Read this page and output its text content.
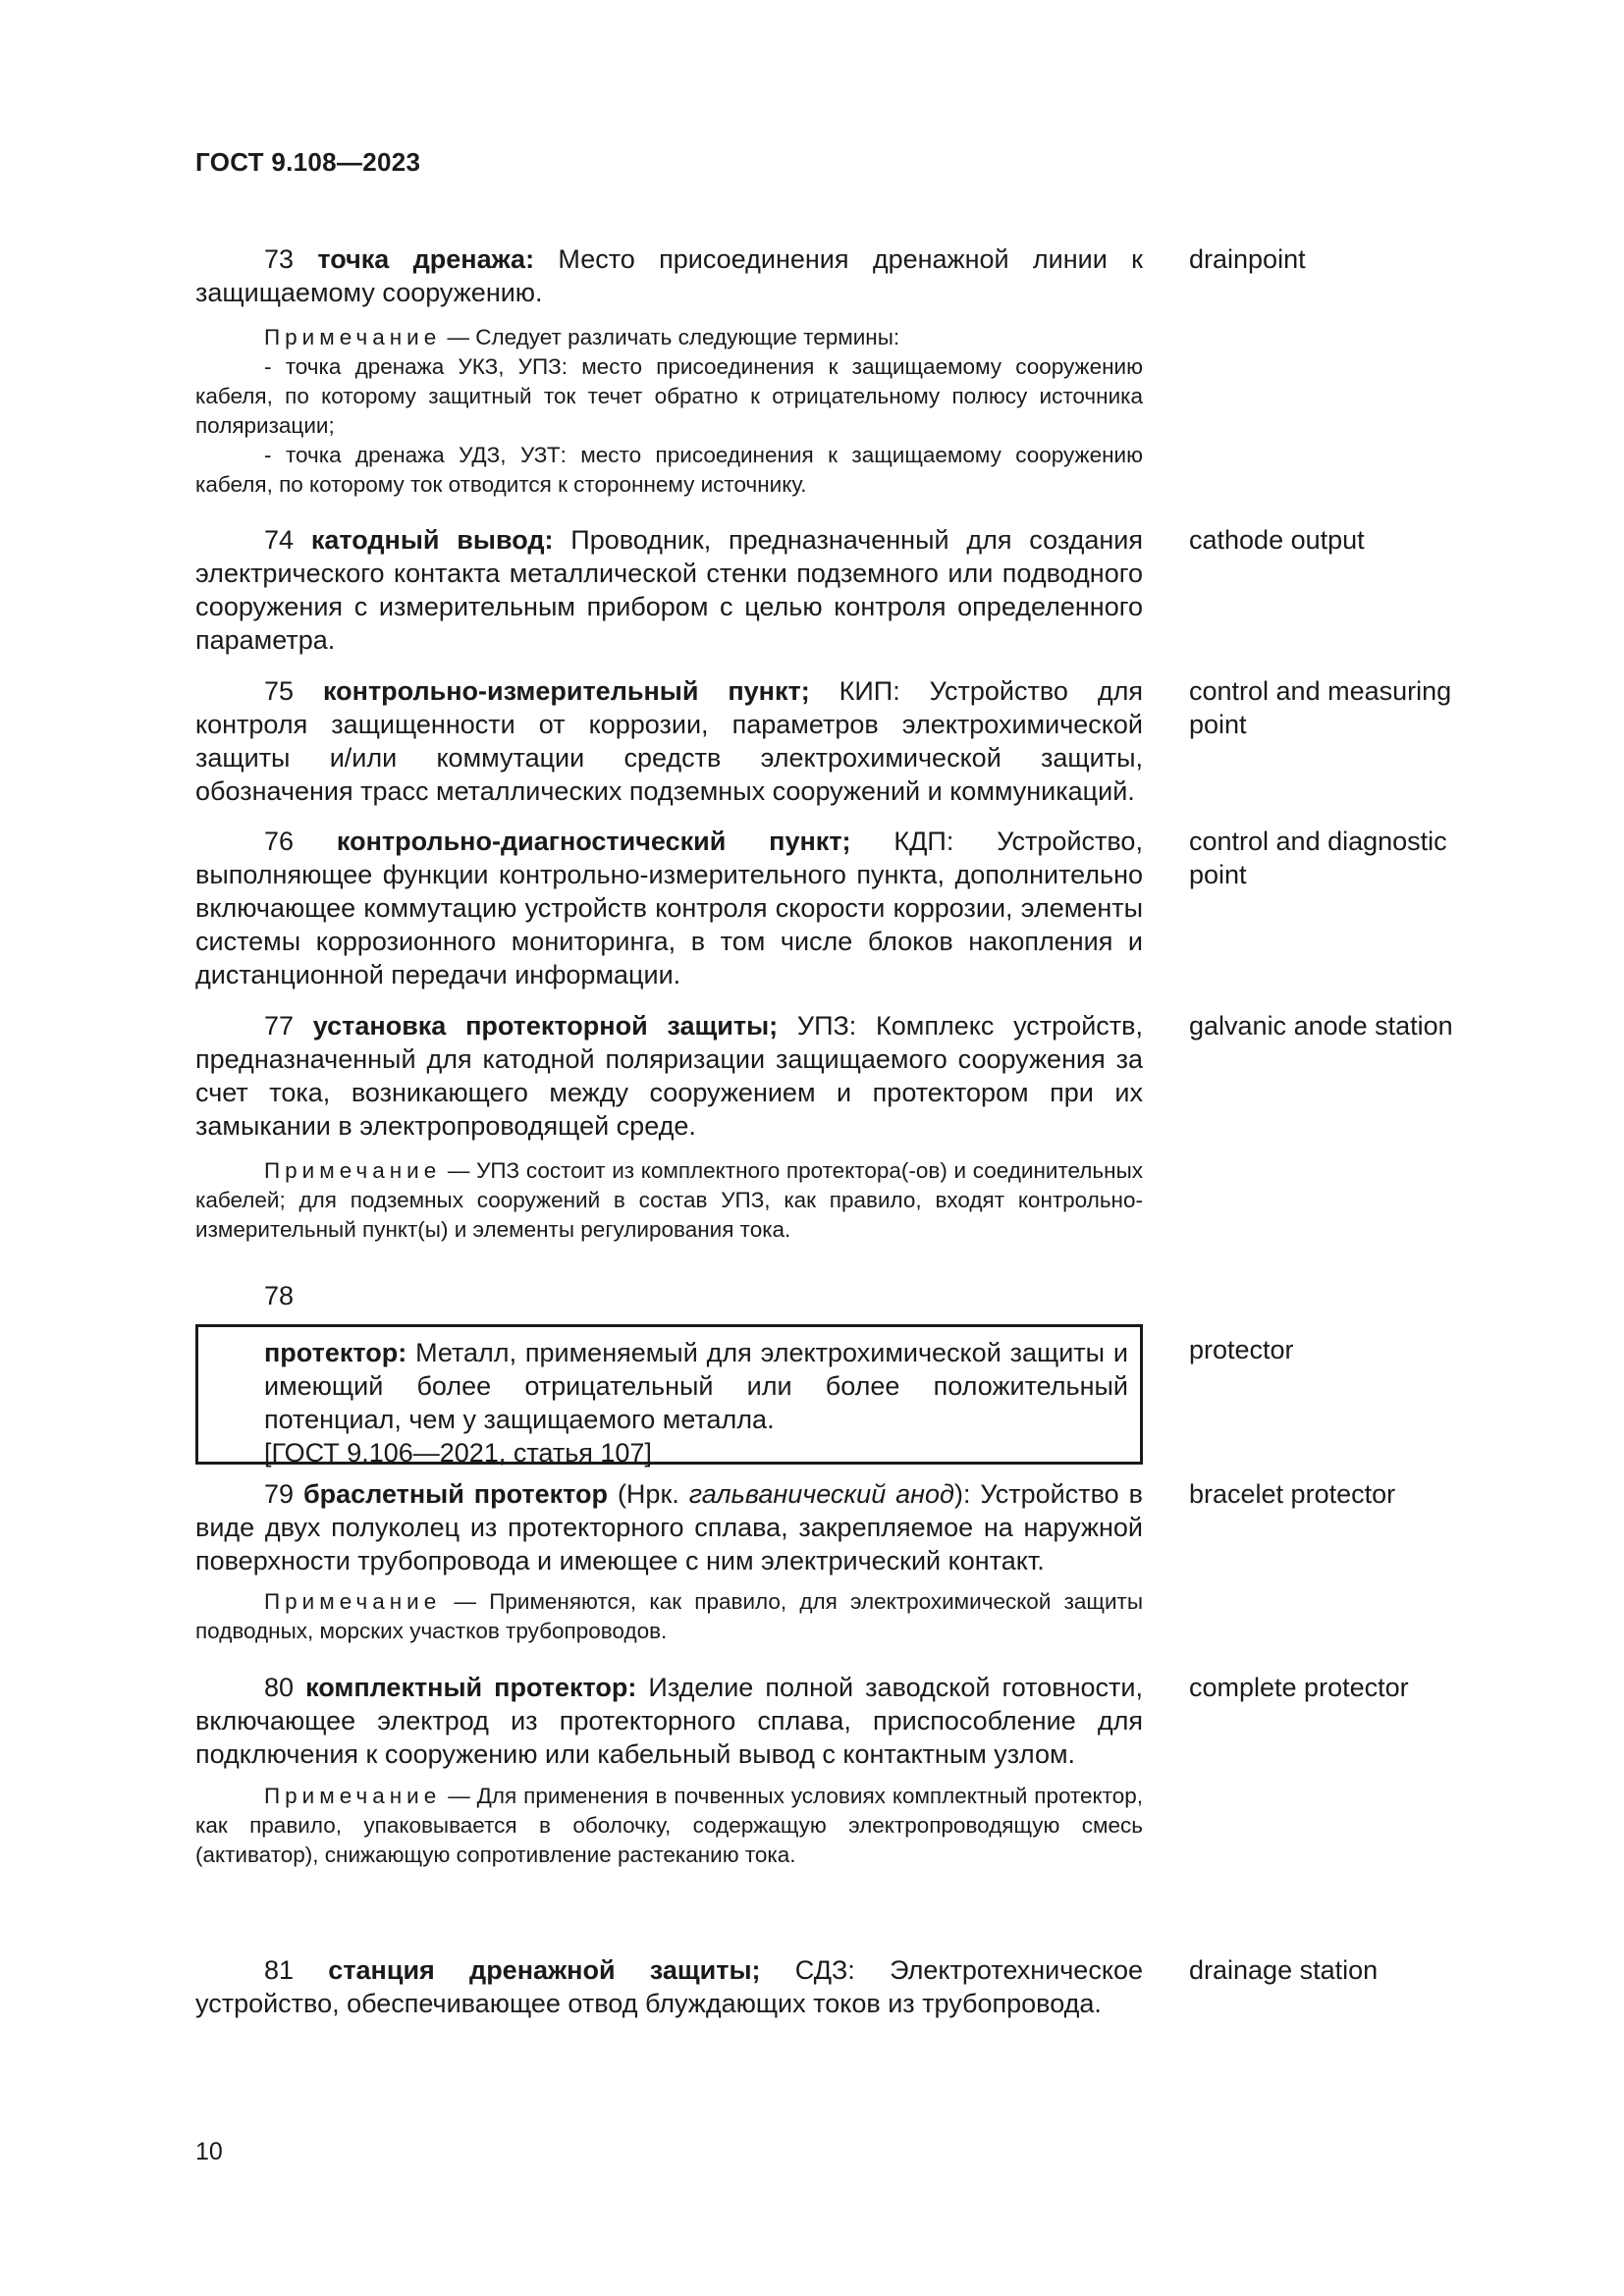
ГОСТ 9.108—2023
73 точка дренажа: Место присоединения дренажной линии к защищаемому сооружению.
drainpoint
Примечание — Следует различать следующие термины:
- точка дренажа УКЗ, УПЗ: место присоединения к защищаемому сооружению кабеля, по которому защитный ток течет обратно к отрицательному полюсу источника поляризации;
- точка дренажа УДЗ, УЗТ: место присоединения к защищаемому сооружению кабеля, по которому ток отводится к стороннему источнику.
74 катодный вывод: Проводник, предназначенный для создания электрического контакта металлической стенки подземного или подводного сооружения с измерительным прибором с целью контроля определенного параметра.
cathode output
75 контрольно-измерительный пункт; КИП: Устройство для контроля защищенности от коррозии, параметров электрохимической защиты и/или коммутации средств электрохимической защиты, обозначения трасс металлических подземных сооружений и коммуникаций.
control and measuring point
76 контрольно-диагностический пункт; КДП: Устройство, выполняющее функции контрольно-измерительного пункта, дополнительно включающее коммутацию устройств контроля скорости коррозии, элементы системы коррозионного мониторинга, в том числе блоков накопления и дистанционной передачи информации.
control and diagnostic point
77 установка протекторной защиты; УПЗ: Комплекс устройств, предназначенный для катодной поляризации защищаемого сооружения за счет тока, возникающего между сооружением и протектором при их замыкании в электропроводящей среде.
galvanic anode station
Примечание — УПЗ состоит из комплектного протектора(-ов) и соединительных кабелей; для подземных сооружений в состав УПЗ, как правило, входят контрольно-измерительный пункт(ы) и элементы регулирования тока.
78
протектор: Металл, применяемый для электрохимической защиты и имеющий более отрицательный или более положительный потенциал, чем у защищаемого металла.
[ГОСТ 9.106—2021, статья 107]
protector
79 браслетный протектор (Нрк. гальванический анод): Устройство в виде двух полуколец из протекторного сплава, закрепляемое на наружной поверхности трубопровода и имеющее с ним электрический контакт.
bracelet protector
Примечание — Применяются, как правило, для электрохимической защиты подводных, морских участков трубопроводов.
80 комплектный протектор: Изделие полной заводской готовности, включающее электрод из протекторного сплава, приспособление для подключения к сооружению или кабельный вывод с контактным узлом.
complete protector
Примечание — Для применения в почвенных условиях комплектный протектор, как правило, упаковывается в оболочку, содержащую электропроводящую смесь (активатор), снижающую сопротивление растеканию тока.
81 станция дренажной защиты; СДЗ: Электротехническое устройство, обеспечивающее отвод блуждающих токов из трубопровода.
drainage station
10
